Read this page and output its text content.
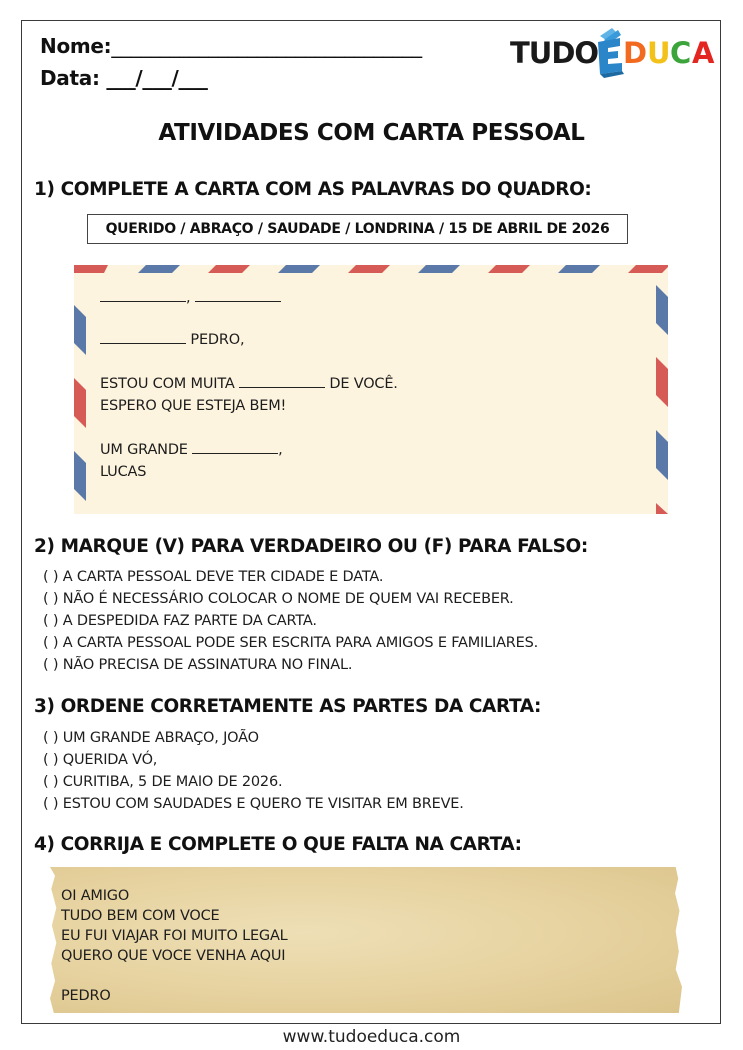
Nome:________________________________
Data: ___/___/___
TUDO D U C A
ATIVIDADES COM CARTA PESSOAL
1) COMPLETE A CARTA COM AS PALAVRAS DO QUADRO:
QUERIDO / ABRAÇO / SAUDADE / LONDRINA / 15 DE ABRIL DE 2026
,
PEDRO,
ESTOU COM MUITA	DE VOCÊ.
ESPERO QUE ESTEJA BEM!
UM GRANDE	,
LUCAS
2) MARQUE (V) PARA VERDADEIRO OU (F) PARA FALSO:
( ) A CARTA PESSOAL DEVE TER CIDADE E DATA.
( ) NÃO É NECESSÁRIO COLOCAR O NOME DE QUEM VAI RECEBER.
( ) A DESPEDIDA FAZ PARTE DA CARTA.
( ) A CARTA PESSOAL PODE SER ESCRITA PARA AMIGOS E FAMILIARES.
( ) NÃO PRECISA DE ASSINATURA NO FINAL.
3) ORDENE CORRETAMENTE AS PARTES DA CARTA:
( ) UM GRANDE ABRAÇO, JOÃO
( ) QUERIDA VÓ,
( ) CURITIBA, 5 DE MAIO DE 2026.
( ) ESTOU COM SAUDADES E QUERO TE VISITAR EM BREVE.
4) CORRIJA E COMPLETE O QUE FALTA NA CARTA:
OI AMIGO
TUDO BEM COM VOCE
EU FUI VIAJAR FOI MUITO LEGAL
QUERO QUE VOCE VENHA AQUI
PEDRO
www.tudoeduca.com
